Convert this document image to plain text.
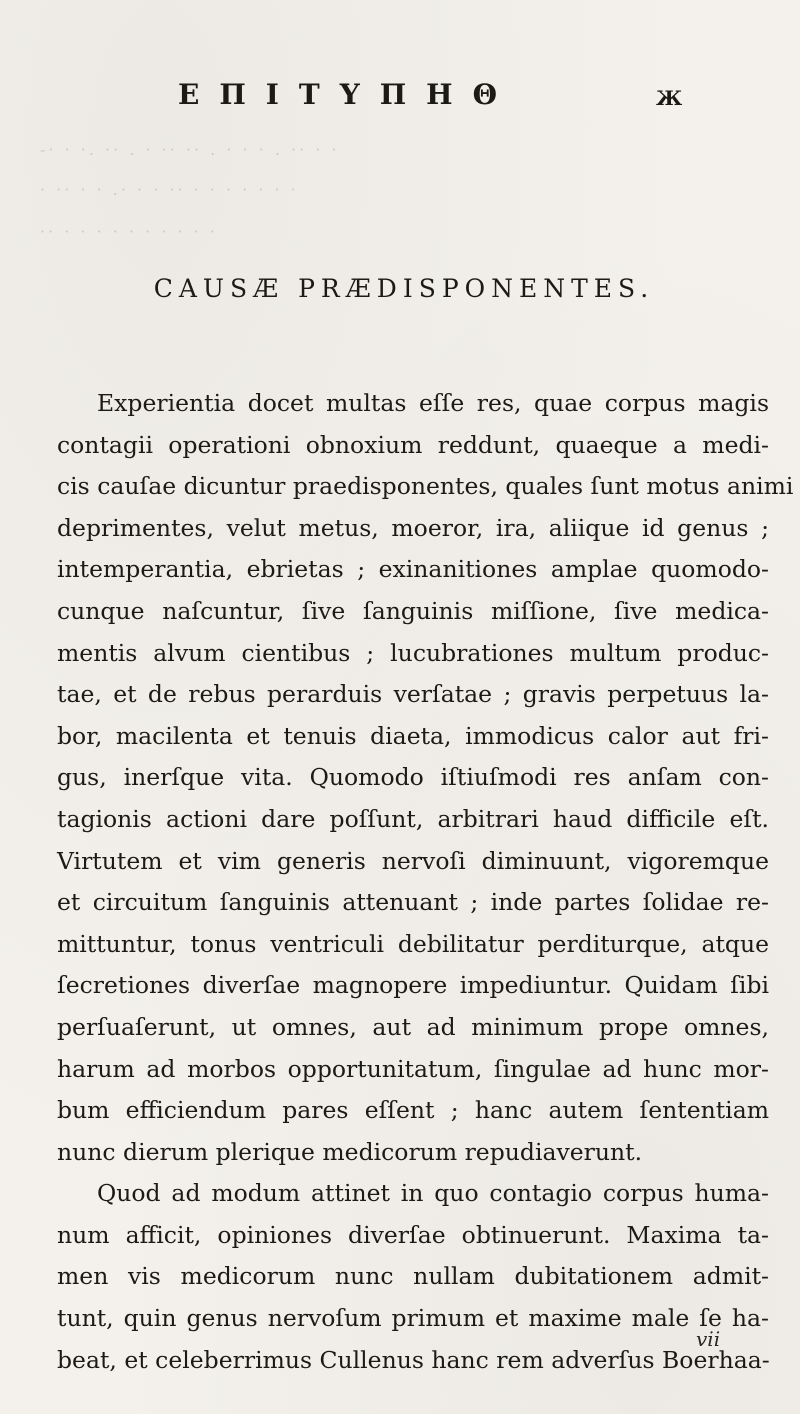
ΕΠΙΤΥΠΗΘ	Ж
-· · ·. ·· . · ·· ·· . · · · . ·· · ·
· ·· · · .· · · ·· · · · · · · ·
·· · · · · · · · · · ·
CAUSÆ PRÆDISPONENTES.
Experientia docet multas eſſe res, quae corpus magis
contagii operationi obnoxium reddunt, quaeque a medi-
cis cauſae dicuntur praedisponentes, quales ſunt motus animi
deprimentes, velut metus, moeror, ira, aliique id genus ;
intemperantia, ebrietas ; exinanitiones amplae quomodo-
cunque naſcuntur, ſive ſanguinis miſſione, ſive medica-
mentis alvum cientibus ; lucubrationes multum produc-
tae, et de rebus perarduis verſatae ; gravis perpetuus la-
bor, macilenta et tenuis diaeta, immodicus calor aut fri-
gus, inerſque vita. Quomodo iſtiuſmodi res anſam con-
tagionis actioni dare poſſunt, arbitrari haud difficile eſt.
Virtutem et vim generis nervoſi diminuunt, vigoremque
et circuitum ſanguinis attenuant ; inde partes ſolidae re-
mittuntur, tonus ventriculi debilitatur perditurque, atque
ſecretiones diverſae magnopere impediuntur. Quidam ſibi
perſuaſerunt, ut omnes, aut ad minimum prope omnes,
harum ad morbos opportunitatum, ſingulae ad hunc mor-
bum efficiendum pares eſſent ; hanc autem ſententiam
nunc dierum plerique medicorum repudiaverunt.
Quod ad modum attinet in quo contagio corpus huma-
num afficit, opiniones diverſae obtinuerunt. Maxima ta-
men vis medicorum nunc nullam dubitationem admit-
tunt, quin genus nervoſum primum et maxime male ſe ha-
beat, et celeberrimus Cullenus hanc rem adverſus Boerhaa-
vii
